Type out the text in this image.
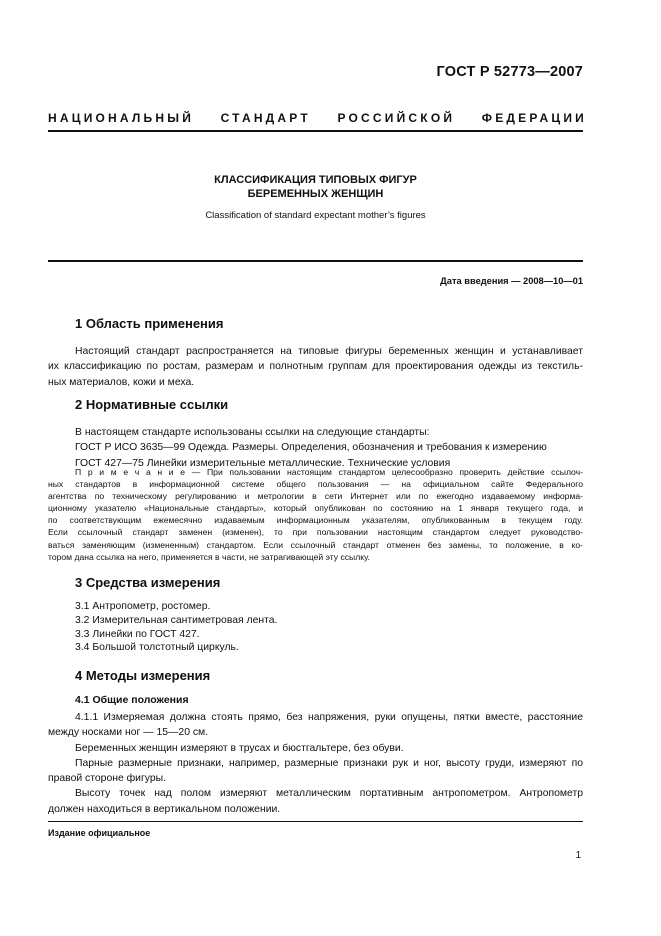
ГОСТ Р 52773—2007
НАЦИОНАЛЬНЫЙ СТАНДАРТ РОССИЙСКОЙ ФЕДЕРАЦИИ
КЛАССИФИКАЦИЯ ТИПОВЫХ ФИГУР
БЕРЕМЕННЫХ ЖЕНЩИН
Classification of standard expectant mother’s figures
Дата введения — 2008—10—01
1 Область применения
Настоящий стандарт распространяется на типовые фигуры беременных женщин и устанавливает
их классификацию по ростам, размерам и полнотным группам для проектирования одежды из текстиль-
ных материалов, кожи и меха.
2 Нормативные ссылки
В настоящем стандарте использованы ссылки на следующие стандарты:
ГОСТ Р ИСО 3635—99 Одежда. Размеры. Определения, обозначения и требования к измерению
ГОСТ 427—75 Линейки измерительные металлические. Технические условия
П р и м е ч а н и е — При пользовании настоящим стандартом целесообразно проверить действие ссылоч-
ных стандартов в информационной системе общего пользования — на официальном сайте Федерального
агентства по техническому регулированию и метрологии в сети Интернет или по ежегодно издаваемому информа-
ционному указателю «Национальные стандарты», который опубликован по состоянию на 1 января текущего года, и
по соответствующим ежемесячно издаваемым информационным указателям, опубликованным в текущем году.
Если ссылочный стандарт заменен (изменен), то при пользовании настоящим стандартом следует руководство-
ваться заменяющим (измененным) стандартом. Если ссылочный стандарт отменен без замены, то положение, в ко-
тором дана ссылка на него, применяется в части, не затрагивающей эту ссылку.
3 Средства измерения
3.1 Антропометр, ростомер.
3.2 Измерительная сантиметровая лента.
3.3 Линейки по ГОСТ 427.
3.4 Большой толстотный циркуль.
4 Методы измерения
4.1 Общие положения
4.1.1 Измеряемая должна стоять прямо, без напряжения, руки опущены, пятки вместе, расстояние
между носками ног — 15—20 см.
Беременных женщин измеряют в трусах и бюстгальтере, без обуви.
Парные размерные признаки, например, размерные признаки рук и ног, высоту груди, измеряют по
правой стороне фигуры.
Высоту точек над полом измеряют металлическим портативным антропометром. Антропометр
должен находиться в вертикальном положении.
Издание официальное
1
